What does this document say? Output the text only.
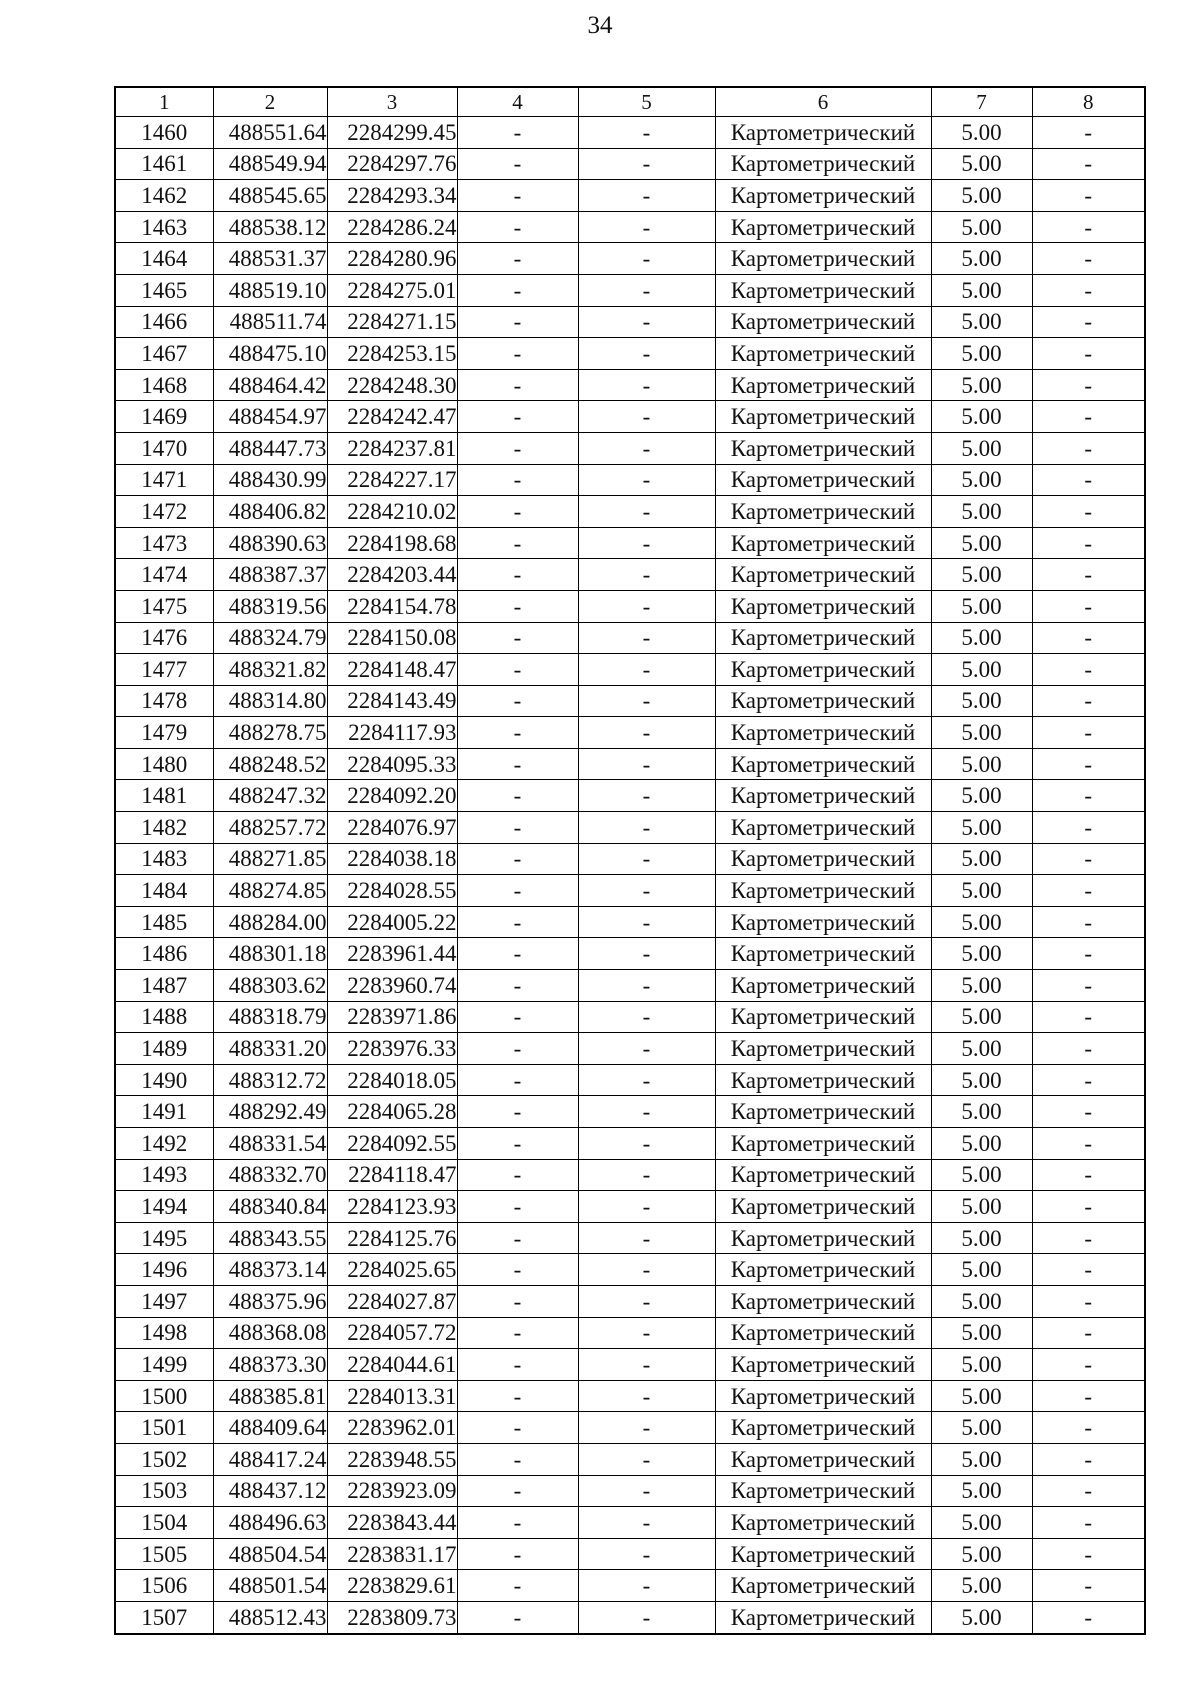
34
1	2	3	4	5	6	7	8
1460	488551.64	2284299.45	-	-	Картометрический	5.00	-
1461	488549.94	2284297.76	-	-	Картометрический	5.00	-
1462	488545.65	2284293.34	-	-	Картометрический	5.00	-
1463	488538.12	2284286.24	-	-	Картометрический	5.00	-
1464	488531.37	2284280.96	-	-	Картометрический	5.00	-
1465	488519.10	2284275.01	-	-	Картометрический	5.00	-
1466	488511.74	2284271.15	-	-	Картометрический	5.00	-
1467	488475.10	2284253.15	-	-	Картометрический	5.00	-
1468	488464.42	2284248.30	-	-	Картометрический	5.00	-
1469	488454.97	2284242.47	-	-	Картометрический	5.00	-
1470	488447.73	2284237.81	-	-	Картометрический	5.00	-
1471	488430.99	2284227.17	-	-	Картометрический	5.00	-
1472	488406.82	2284210.02	-	-	Картометрический	5.00	-
1473	488390.63	2284198.68	-	-	Картометрический	5.00	-
1474	488387.37	2284203.44	-	-	Картометрический	5.00	-
1475	488319.56	2284154.78	-	-	Картометрический	5.00	-
1476	488324.79	2284150.08	-	-	Картометрический	5.00	-
1477	488321.82	2284148.47	-	-	Картометрический	5.00	-
1478	488314.80	2284143.49	-	-	Картометрический	5.00	-
1479	488278.75	2284117.93	-	-	Картометрический	5.00	-
1480	488248.52	2284095.33	-	-	Картометрический	5.00	-
1481	488247.32	2284092.20	-	-	Картометрический	5.00	-
1482	488257.72	2284076.97	-	-	Картометрический	5.00	-
1483	488271.85	2284038.18	-	-	Картометрический	5.00	-
1484	488274.85	2284028.55	-	-	Картометрический	5.00	-
1485	488284.00	2284005.22	-	-	Картометрический	5.00	-
1486	488301.18	2283961.44	-	-	Картометрический	5.00	-
1487	488303.62	2283960.74	-	-	Картометрический	5.00	-
1488	488318.79	2283971.86	-	-	Картометрический	5.00	-
1489	488331.20	2283976.33	-	-	Картометрический	5.00	-
1490	488312.72	2284018.05	-	-	Картометрический	5.00	-
1491	488292.49	2284065.28	-	-	Картометрический	5.00	-
1492	488331.54	2284092.55	-	-	Картометрический	5.00	-
1493	488332.70	2284118.47	-	-	Картометрический	5.00	-
1494	488340.84	2284123.93	-	-	Картометрический	5.00	-
1495	488343.55	2284125.76	-	-	Картометрический	5.00	-
1496	488373.14	2284025.65	-	-	Картометрический	5.00	-
1497	488375.96	2284027.87	-	-	Картометрический	5.00	-
1498	488368.08	2284057.72	-	-	Картометрический	5.00	-
1499	488373.30	2284044.61	-	-	Картометрический	5.00	-
1500	488385.81	2284013.31	-	-	Картометрический	5.00	-
1501	488409.64	2283962.01	-	-	Картометрический	5.00	-
1502	488417.24	2283948.55	-	-	Картометрический	5.00	-
1503	488437.12	2283923.09	-	-	Картометрический	5.00	-
1504	488496.63	2283843.44	-	-	Картометрический	5.00	-
1505	488504.54	2283831.17	-	-	Картометрический	5.00	-
1506	488501.54	2283829.61	-	-	Картометрический	5.00	-
1507	488512.43	2283809.73	-	-	Картометрический	5.00	-
